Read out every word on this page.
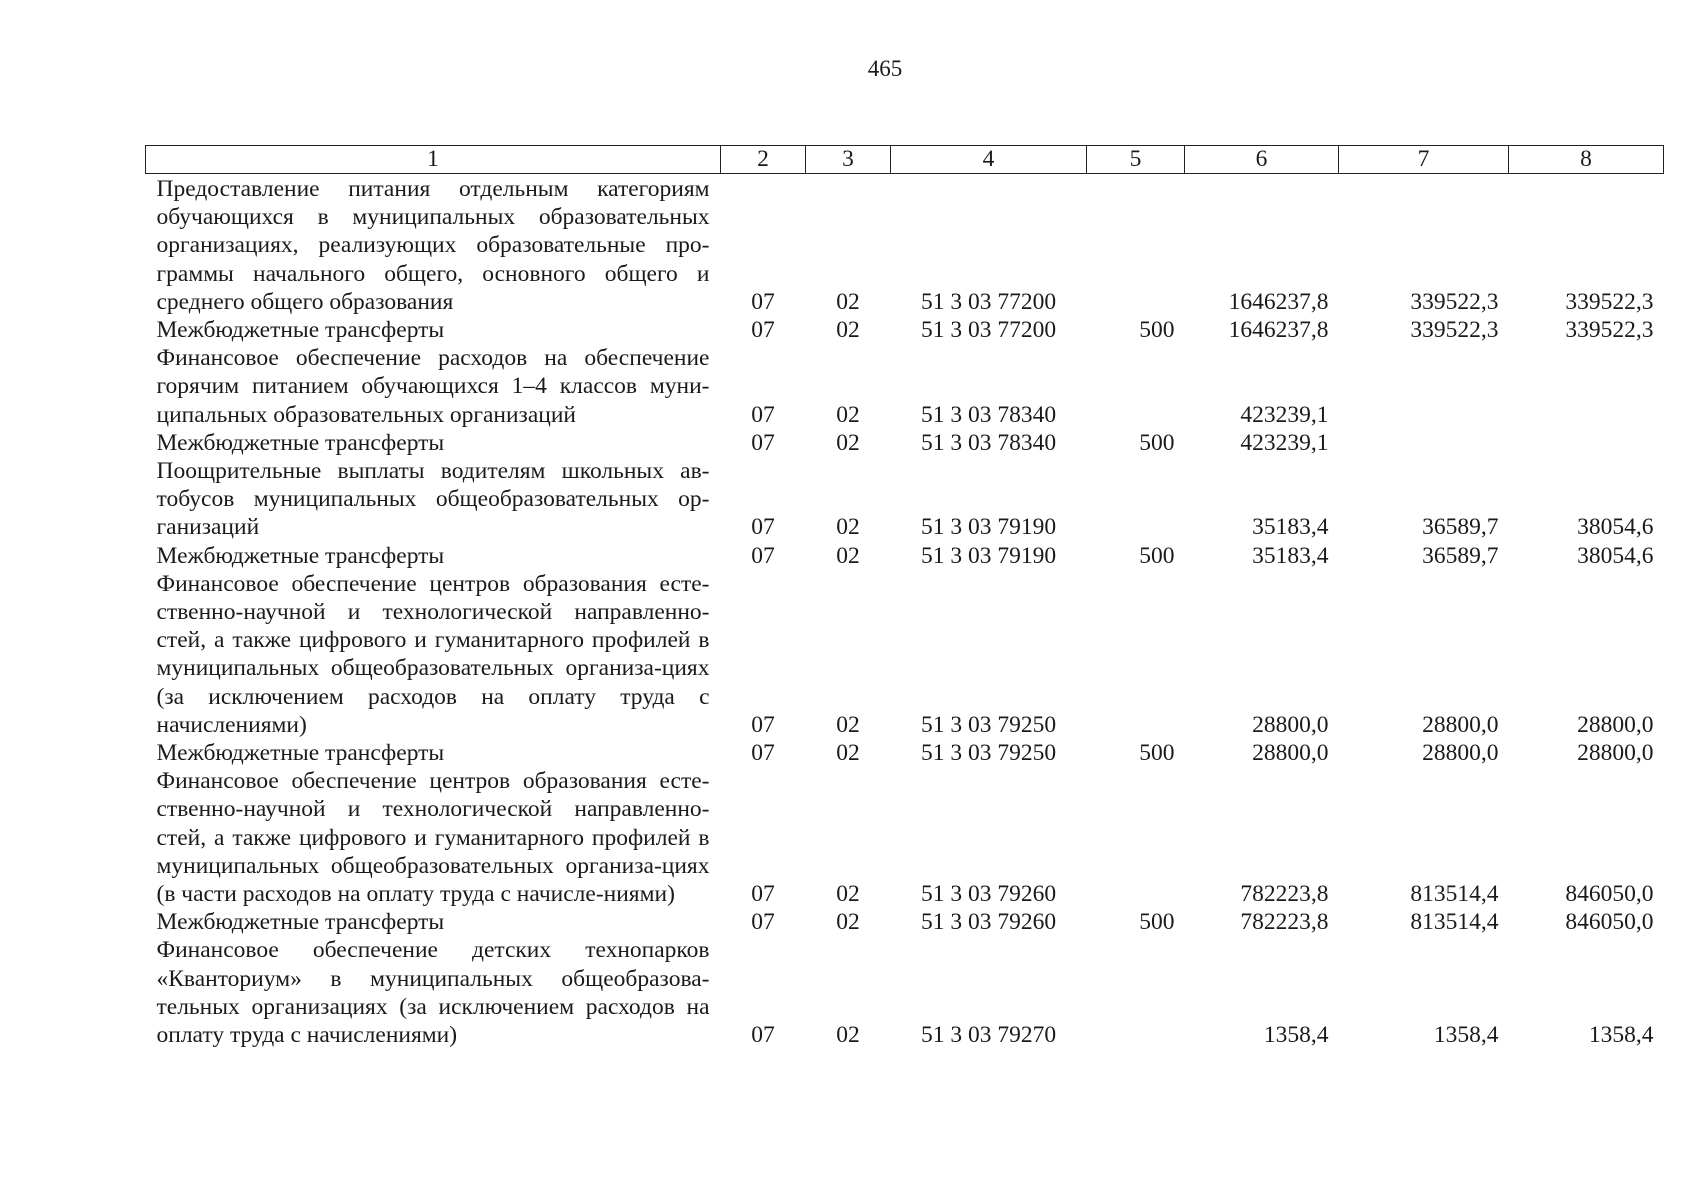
465
1	2	3	4	5	6	7	8
Предоставление питания отдельным категориям обучающихся в муниципальных образовательных организациях, реализующих образовательные про-граммы начального общего, основного общего и среднего общего образования	07	02	51 3 03 77200		1646237,8	339522,3	339522,3
Межбюджетные трансферты	07	02	51 3 03 77200	500	1646237,8	339522,3	339522,3
Финансовое обеспечение расходов на обеспечение горячим питанием обучающихся 1–4 классов муни-ципальных образовательных организаций	07	02	51 3 03 78340		423239,1		
Межбюджетные трансферты	07	02	51 3 03 78340	500	423239,1		
Поощрительные выплаты водителям школьных ав-тобусов муниципальных общеобразовательных ор-ганизаций	07	02	51 3 03 79190		35183,4	36589,7	38054,6
Межбюджетные трансферты	07	02	51 3 03 79190	500	35183,4	36589,7	38054,6
Финансовое обеспечение центров образования есте-ственно-научной и технологической направленно-стей, а также цифрового и гуманитарного профилей в муниципальных общеобразовательных организа-циях (за исключением расходов на оплату труда с начислениями)	07	02	51 3 03 79250		28800,0	28800,0	28800,0
Межбюджетные трансферты	07	02	51 3 03 79250	500	28800,0	28800,0	28800,0
Финансовое обеспечение центров образования есте-ственно-научной и технологической направленно-стей, а также цифрового и гуманитарного профилей в муниципальных общеобразовательных организа-циях (в части расходов на оплату труда с начисле-ниями)	07	02	51 3 03 79260		782223,8	813514,4	846050,0
Межбюджетные трансферты	07	02	51 3 03 79260	500	782223,8	813514,4	846050,0
Финансовое обеспечение детских технопарков «Кванториум» в муниципальных общеобразова-тельных организациях (за исключением расходов на оплату труда с начислениями)	07	02	51 3 03 79270		1358,4	1358,4	1358,4
